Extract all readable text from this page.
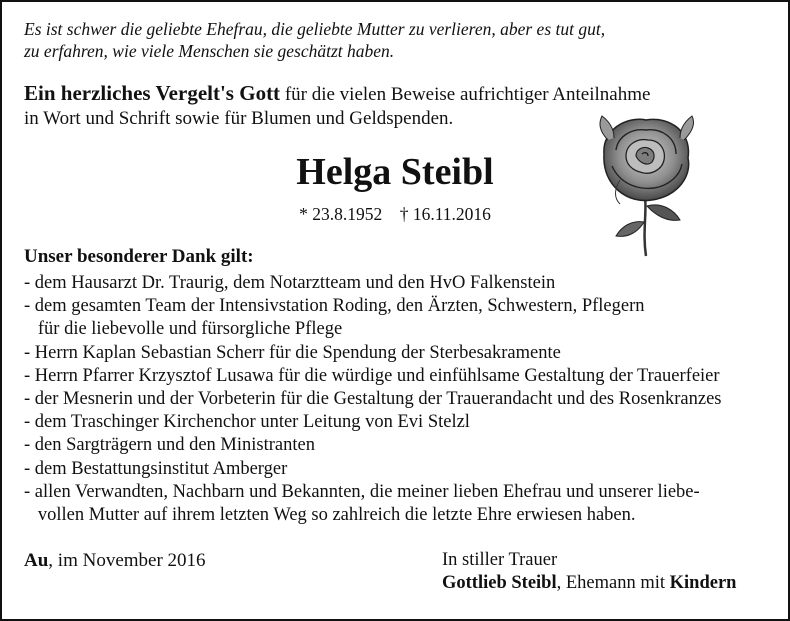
Es ist schwer die geliebte Ehefrau, die geliebte Mutter zu verlieren, aber es tut gut,
zu erfahren, wie viele Menschen sie geschätzt haben.
Ein herzliches Vergelt's Gott für die vielen Beweise aufrichtiger Anteilnahme
in Wort und Schrift sowie für Blumen und Geldspenden.
Helga Steibl
* 23.8.1952 † 16.11.2016
Unser besonderer Dank gilt:
- dem Hausarzt Dr. Traurig, dem Notarztteam und den HvO Falkenstein
- dem gesamten Team der Intensivstation Roding, den Ärzten, Schwestern, Pflegern
für die liebevolle und fürsorgliche Pflege
- Herrn Kaplan Sebastian Scherr für die Spendung der Sterbesakramente
- Herrn Pfarrer Krzysztof Lusawa für die würdige und einfühlsame Gestaltung der Trauerfeier
- der Mesnerin und der Vorbeterin für die Gestaltung der Trauerandacht und des Rosenkranzes
- dem Traschinger Kirchenchor unter Leitung von Evi Stelzl
- den Sargträgern und den Ministranten
- dem Bestattungsinstitut Amberger
- allen Verwandten, Nachbarn und Bekannten, die meiner lieben Ehefrau und unserer liebe-
vollen Mutter auf ihrem letzten Weg so zahlreich die letzte Ehre erwiesen haben.
Au, im November 2016	In stiller Trauer
Gottlieb Steibl, Ehemann mit Kindern
